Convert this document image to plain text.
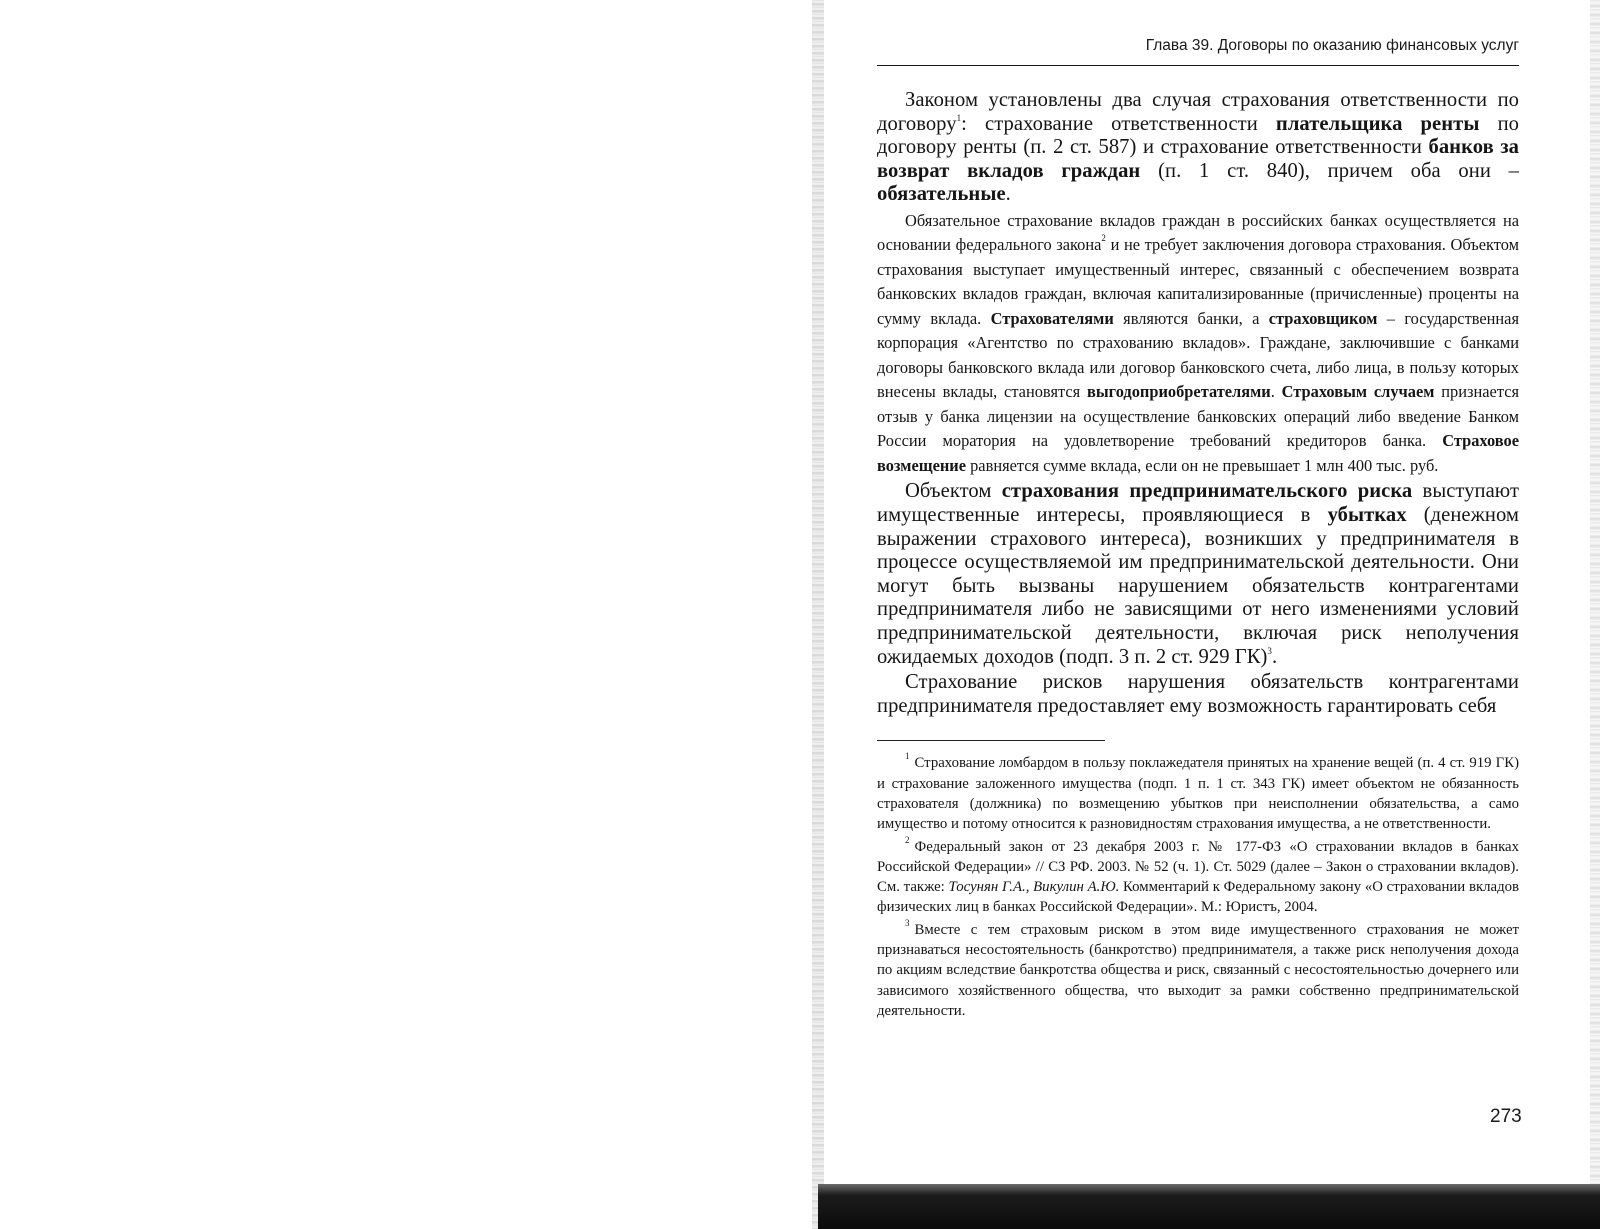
Глава 39. Договоры по оказанию финансовых услуг

Законом установлены два случая страхования ответственности по договору$^1$: страхование ответственности плательщика ренты по договору ренты (п. 2 ст. 587) и страхование ответственности банков за возврат вкладов граждан (п. 1 ст. 840), причем оба они – обязательные.

Обязательное страхование вкладов граждан в российских банках осуществляется на основании федерального закона$^2$ и не требует заключения договора страхования. Объектом страхования выступает имущественный интерес, связанный с обеспечением возврата банковских вкладов граждан, включая капитализированные (причисленные) проценты на сумму вклада. Страхователями являются банки, а страховщиком – государственная корпорация «Агентство по страхованию вкладов». Граждане, заключившие с банками договоры банковского вклада или договор банковского счета, либо лица, в пользу которых внесены вклады, становятся выгодоприобретателями. Страховым случаем признается отзыв у банка лицензии на осуществление банковских операций либо введение Банком России моратория на удовлетворение требований кредиторов банка. Страховое возмещение равняется сумме вклада, если он не превышает 1 млн 400 тыс. руб.

Объектом страхования предпринимательского риска выступают имущественные интересы, проявляющиеся в убытках (денежном выражении страхового интереса), возникших у предпринимателя в процессе осуществляемой им предпринимательской деятельности. Они могут быть вызваны нарушением обязательств контрагентами предпринимателя либо не зависящими от него изменениями условий предпринимательской деятельности, включая риск неполучения ожидаемых доходов (подп. 3 п. 2 ст. 929 ГК)$^3$.

Страхование рисков нарушения обязательств контрагентами предпринимателя предоставляет ему возможность гарантировать себя

$^1$ Страхование ломбардом в пользу поклажедателя принятых на хранение вещей (п. 4 ст. 919 ГК) и страхование заложенного имущества (подп. 1 п. 1 ст. 343 ГК) имеет объектом не обязанность страхователя (должника) по возмещению убытков при неисполнении обязательства, а само имущество и потому относится к разновидностям страхования имущества, а не ответственности.

$^2$ Федеральный закон от 23 декабря 2003 г. № 177-ФЗ «О страховании вкладов в банках Российской Федерации» // СЗ РФ. 2003. № 52 (ч. 1). Ст. 5029 (далее – Закон о страховании вкладов). См. также: Тосунян Г.А., Викулин А.Ю. Комментарий к Федеральному закону «О страховании вкладов физических лиц в банках Российской Федерации». М.: Юристъ, 2004.

$^3$ Вместе с тем страховым риском в этом виде имущественного страхования не может признаваться несостоятельность (банкротство) предпринимателя, а также риск неполучения дохода по акциям вследствие банкротства общества и риск, связанный с несостоятельностью дочернего или зависимого хозяйственного общества, что выходит за рамки собственно предпринимательской деятельности.

273
